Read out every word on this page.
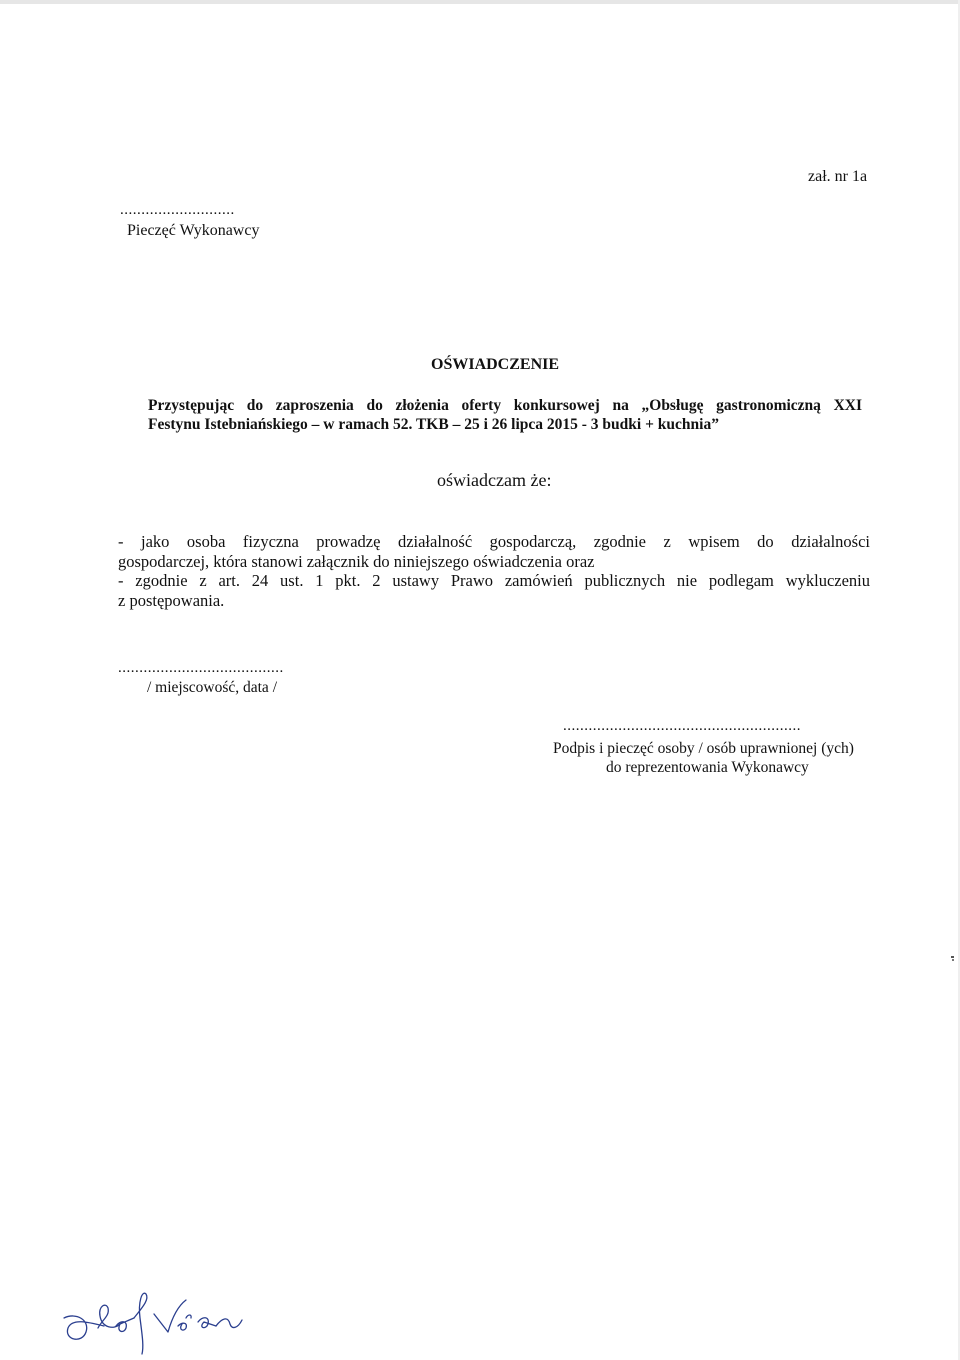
zał. nr 1a
...........................
Pieczęć Wykonawcy
OŚWIADCZENIE
Przystępując do zaproszenia do złożenia oferty konkursowej na „Obsługę gastronomiczną XXI
Festynu Istebniańskiego – w ramach 52. TKB – 25 i 26 lipca 2015 - 3 budki + kuchnia”
oświadczam że:
- jako osoba fizyczna prowadzę działalność gospodarczą, zgodnie z wpisem do działalności
gospodarczej, która stanowi załącznik do niniejszego oświadczenia oraz
- zgodnie z art. 24 ust. 1 pkt. 2 ustawy Prawo zamówień publicznych nie podlegam wykluczeniu
z postępowania.
.......................................
/ miejscowość, data /
........................................................
Podpis i pieczęć osoby / osób uprawnionej (ych)
do reprezentowania Wykonawcy
